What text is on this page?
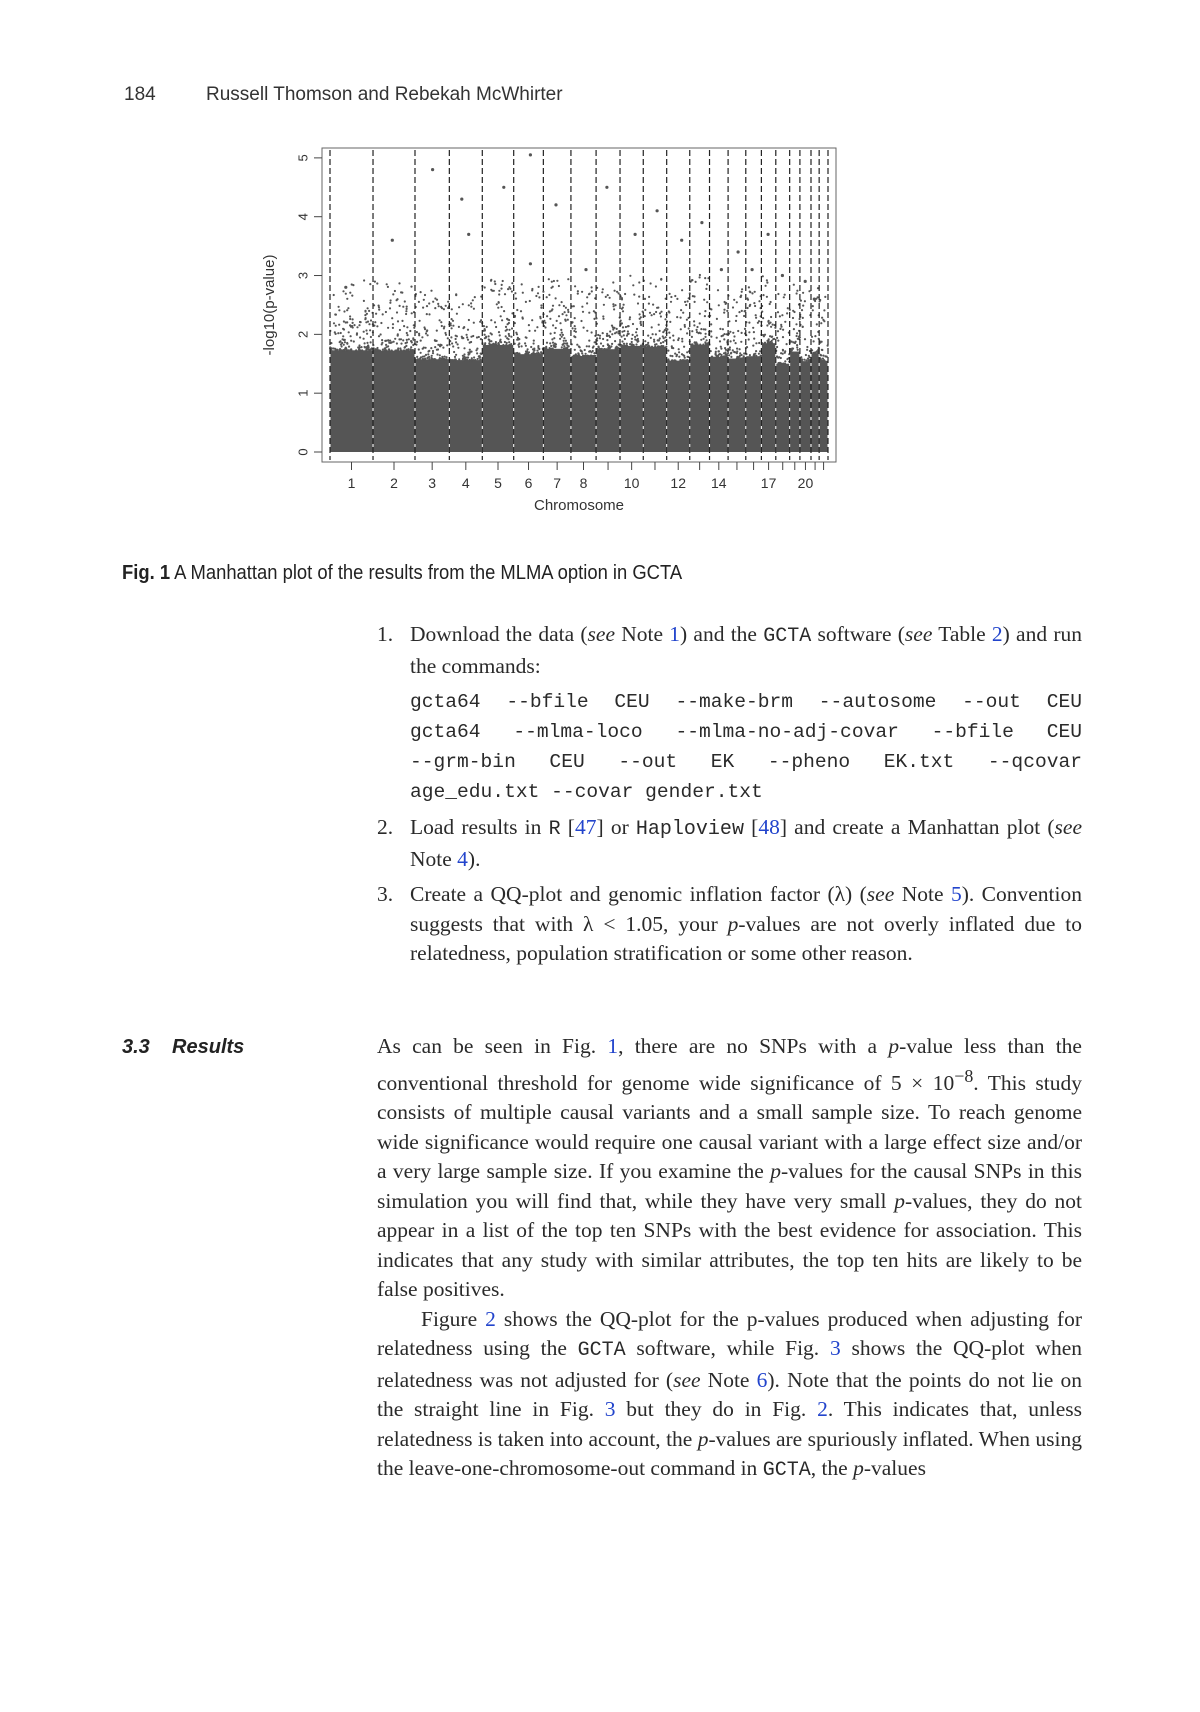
184	Russell Thomson and Rebekah McWhirter
0
1
2
3
4
5
-log10(p-value)
1 2 3 4 5 6 7 8	10 12 14 17 20
Chromosome
Fig. 1 A Manhattan plot of the results from the MLMA option in GCTA
1. Download the data (see Note 1) and the GCTA software (see Table 2) and run the commands:
gcta64 --bfile CEU --make-brm --autosome --out CEU
gcta64 --mlma-loco --mlma-no-adj-covar --bfile CEU
--grm-bin CEU --out EK --pheno EK.txt --qcovar
age_edu.txt --covar gender.txt
2. Load results in R [47] or Haploview [48] and create a Manhattan plot (see Note 4).
3. Create a QQ-plot and genomic inflation factor (λ) (see Note 5). Convention suggests that with λ < 1.05, your p-values are not overly inflated due to relatedness, population stratification or some other reason.
3.3 Results	As can be seen in Fig. 1, there are no SNPs with a p-value less than the conventional threshold for genome wide significance of $5 \times 10^{-8}$. This study consists of multiple causal variants and a small sample size. To reach genome wide significance would require one causal variant with a large effect size and/or a very large sample size. If you examine the p-values for the causal SNPs in this simulation you will find that, while they have very small p-values, they do not appear in a list of the top ten SNPs with the best evidence for association. This indicates that any study with similar attributes, the top ten hits are likely to be false positives.

Figure 2 shows the QQ-plot for the p-values produced when adjusting for relatedness using the GCTA software, while Fig. 3 shows the QQ-plot when relatedness was not adjusted for (see Note 6). Note that the points do not lie on the straight line in Fig. 3 but they do in Fig. 2. This indicates that, unless relatedness is taken into account, the p-values are spuriously inflated. When using the leave-one-chromosome-out command in GCTA, the p-values
